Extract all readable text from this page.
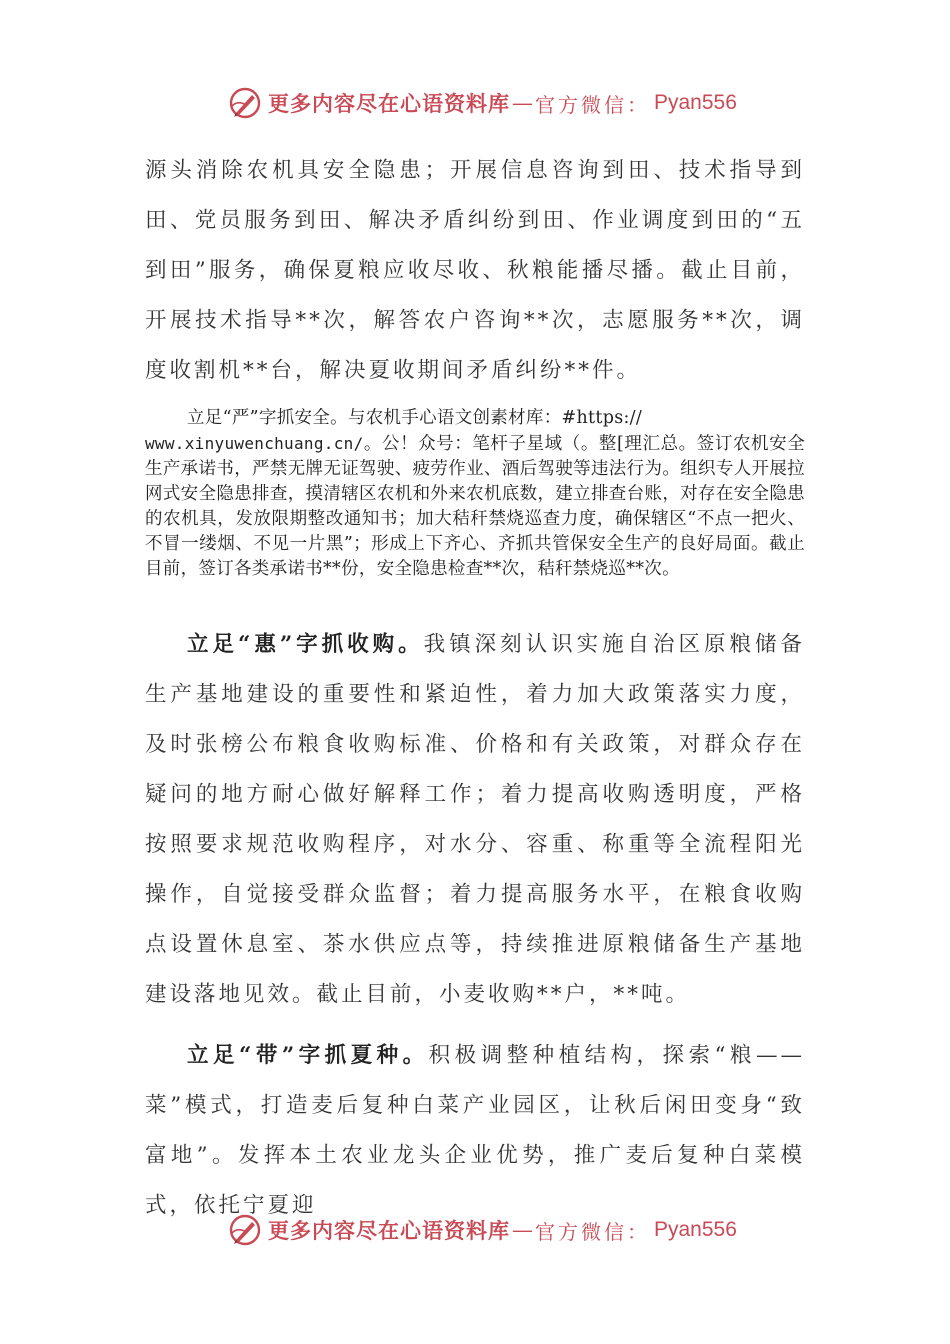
更多内容尽在心语资料库 — 官方微信： Pyan556

源头消除农机具安全隐患；开展信息咨询到田、技术指导到田、党员服务到田、解决矛盾纠纷到田、作业调度到田的“五到田”服务，确保夏粮应收尽收、秋粮能播尽播。截止目前，开展技术指导**次，解答农户咨询**次，志愿服务**次，调度收割机**台，解决夏收期间矛盾纠纷**件。

立足“严”字抓安全。与农机手心语文创素材库：#https://
www.xinyuwenchuang.cn/。公！众号：笔杆子星域（。整[理汇总。签订农机安全生产承诺书，严禁无牌无证驾驶、疲劳作业、酒后驾驶等违法行为。组织专人开展拉网式安全隐患排查，摸清辖区农机和外来农机底数，建立排查台账，对存在安全隐患的农机具，发放限期整改通知书；加大秸秆禁烧巡查力度，确保辖区“不点一把火、不冒一缕烟、不见一片黑”；形成上下齐心、齐抓共管保安全生产的良好局面。截止目前，签订各类承诺书**份，安全隐患检查**次，秸秆禁烧巡**次。

立足“惠”字抓收购。我镇深刻认识实施自治区原粮储备生产基地建设的重要性和紧迫性，着力加大政策落实力度，及时张榜公布粮食收购标准、价格和有关政策，对群众存在疑问的地方耐心做好解释工作；着力提高收购透明度，严格按照要求规范收购程序，对水分、容重、称重等全流程阳光操作，自觉接受群众监督；着力提高服务水平，在粮食收购点设置休息室、茶水供应点等，持续推进原粮储备生产基地建设落地见效。截止目前，小麦收购**户，**吨。

立足“带”字抓夏种。积极调整种植结构，探索“粮——菜”模式，打造麦后复种白菜产业园区，让秋后闲田变身“致富地”。发挥本土农业龙头企业优势，推广麦后复种白菜模式，依托宁夏迎

更多内容尽在心语资料库 — 官方微信： Pyan556
